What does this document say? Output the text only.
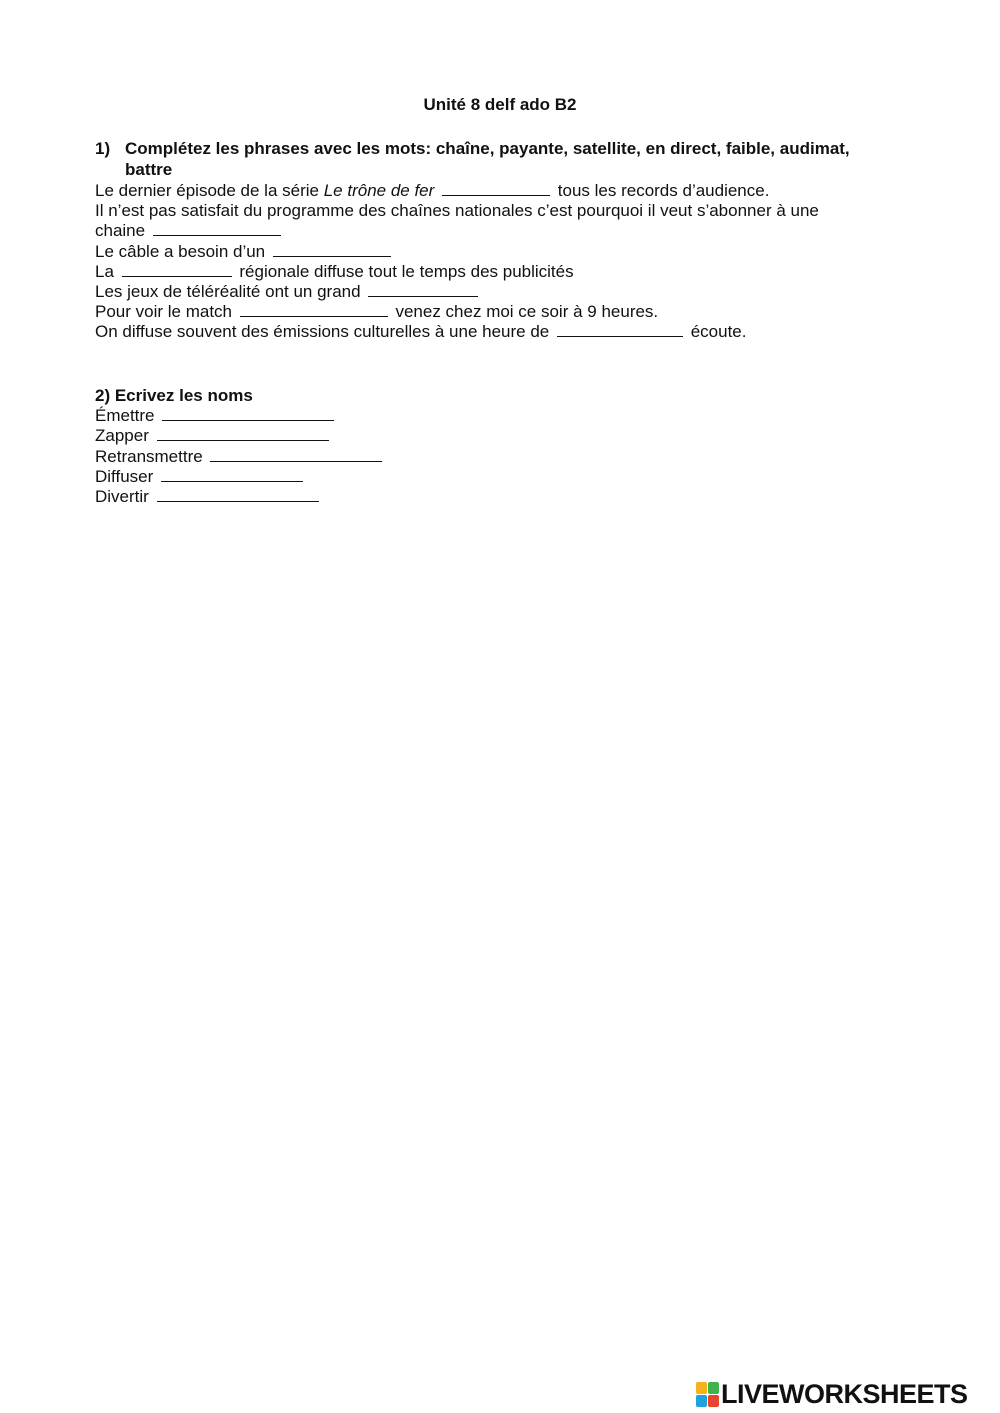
Unité 8 delf ado B2
1) Complétez les phrases avec les mots: chaîne, payante, satellite, en direct, faible, audimat, battre
Le dernier épisode de la série Le trône de fer	tous les records d’audience.
Il n’est pas satisfait du programme des chaînes nationales c’est pourquoi il veut s’abonner à une
chaine
Le câble a besoin d’un
La	régionale diffuse tout le temps des publicités
Les jeux de téléréalité ont un grand
Pour voir le match	venez chez moi ce soir à 9 heures.
On diffuse souvent des émissions culturelles à une heure de	écoute.
2) Ecrivez les noms
Émettre
Zapper
Retransmettre
Diffuser
Divertir
LIVEWORKSHEETS
